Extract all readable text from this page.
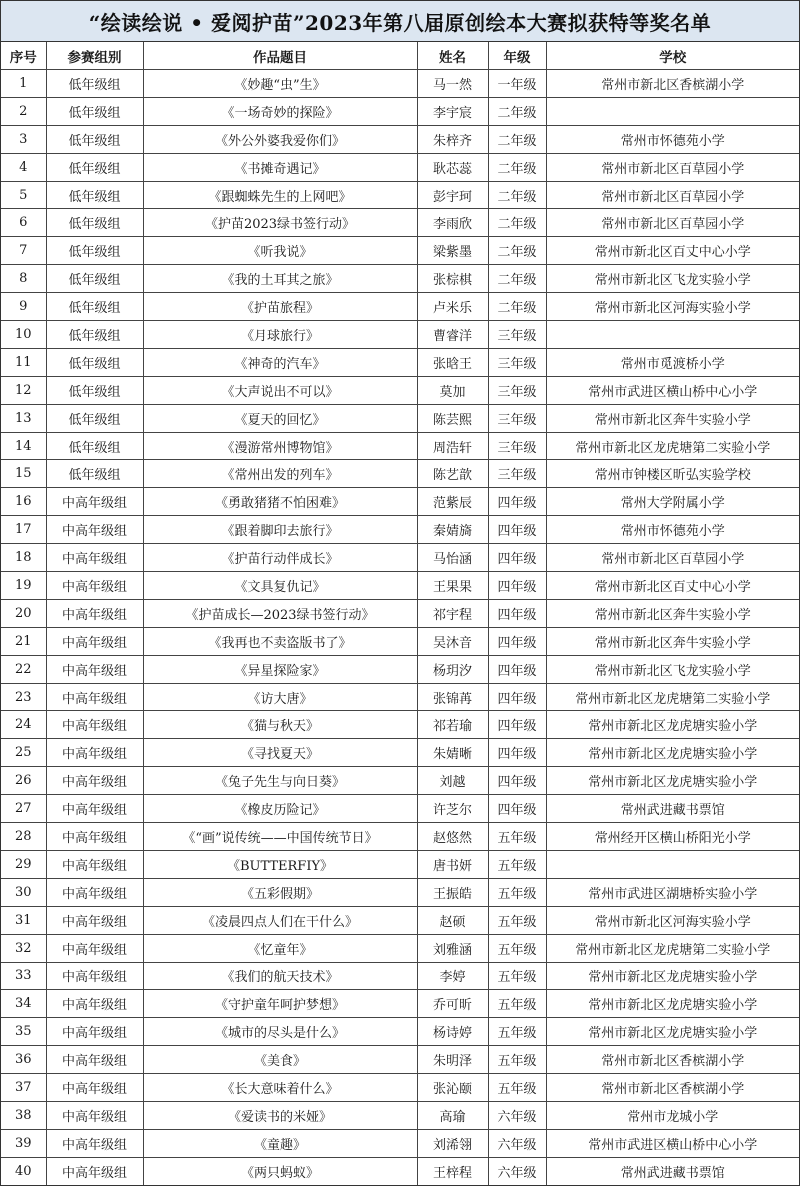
“绘读绘说 • 爱阅护苗”2023年第八届原创绘本大赛拟获特等奖名单
序号	参赛组别	作品题目	姓名	年级	学校
1	低年级组	《妙趣“虫”生》	马一然	一年级	常州市新北区香槟湖小学
2	低年级组	《一场奇妙的探险》	李宇宸	二年级	
3	低年级组	《外公外婆我爱你们》	朱梓齐	二年级	常州市怀德苑小学
4	低年级组	《书摊奇遇记》	耿芯蕊	二年级	常州市新北区百草园小学
5	低年级组	《跟蜘蛛先生的上网吧》	彭宇珂	二年级	常州市新北区百草园小学
6	低年级组	《护苗2023绿书签行动》	李雨欣	二年级	常州市新北区百草园小学
7	低年级组	《听我说》	梁紫墨	二年级	常州市新北区百丈中心小学
8	低年级组	《我的土耳其之旅》	张棕棋	二年级	常州市新北区飞龙实验小学
9	低年级组	《护苗旅程》	卢米乐	二年级	常州市新北区河海实验小学
10	低年级组	《月球旅行》	曹睿洋	三年级	
11	低年级组	《神奇的汽车》	张晗王	三年级	常州市觅渡桥小学
12	低年级组	《大声说出不可以》	莫加	三年级	常州市武进区横山桥中心小学
13	低年级组	《夏天的回忆》	陈芸熙	三年级	常州市新北区奔牛实验小学
14	低年级组	《漫游常州博物馆》	周浩轩	三年级	常州市新北区龙虎塘第二实验小学
15	低年级组	《常州出发的列车》	陈艺歆	三年级	常州市钟楼区昕弘实验学校
16	中高年级组	《勇敢猪猪不怕困难》	范紫辰	四年级	常州大学附属小学
17	中高年级组	《跟着脚印去旅行》	秦婧旖	四年级	常州市怀德苑小学
18	中高年级组	《护苗行动伴成长》	马怡涵	四年级	常州市新北区百草园小学
19	中高年级组	《文具复仇记》	王果果	四年级	常州市新北区百丈中心小学
20	中高年级组	《护苗成长—2023绿书签行动》	祁宇程	四年级	常州市新北区奔牛实验小学
21	中高年级组	《我再也不卖盗版书了》	吴沐音	四年级	常州市新北区奔牛实验小学
22	中高年级组	《异星探险家》	杨玥汐	四年级	常州市新北区飞龙实验小学
23	中高年级组	《访大唐》	张锦苒	四年级	常州市新北区龙虎塘第二实验小学
24	中高年级组	《猫与秋天》	祁若瑜	四年级	常州市新北区龙虎塘实验小学
25	中高年级组	《寻找夏天》	朱婧晰	四年级	常州市新北区龙虎塘实验小学
26	中高年级组	《兔子先生与向日葵》	刘越	四年级	常州市新北区龙虎塘实验小学
27	中高年级组	《橡皮历险记》	许芝尔	四年级	常州武进藏书票馆
28	中高年级组	《“画”说传统——中国传统节日》	赵悠然	五年级	常州经开区横山桥阳光小学
29	中高年级组	《BUTTERFIY》	唐书妍	五年级	
30	中高年级组	《五彩假期》	王振皓	五年级	常州市武进区湖塘桥实验小学
31	中高年级组	《凌晨四点人们在干什么》	赵硕	五年级	常州市新北区河海实验小学
32	中高年级组	《忆童年》	刘雅涵	五年级	常州市新北区龙虎塘第二实验小学
33	中高年级组	《我们的航天技术》	李婷	五年级	常州市新北区龙虎塘实验小学
34	中高年级组	《守护童年呵护梦想》	乔可昕	五年级	常州市新北区龙虎塘实验小学
35	中高年级组	《城市的尽头是什么》	杨诗婷	五年级	常州市新北区龙虎塘实验小学
36	中高年级组	《美食》	朱明泽	五年级	常州市新北区香槟湖小学
37	中高年级组	《长大意味着什么》	张沁颐	五年级	常州市新北区香槟湖小学
38	中高年级组	《爱读书的米娅》	高瑜	六年级	常州市龙城小学
39	中高年级组	《童趣》	刘浠翎	六年级	常州市武进区横山桥中心小学
40	中高年级组	《两只蚂蚁》	王梓程	六年级	常州武进藏书票馆
